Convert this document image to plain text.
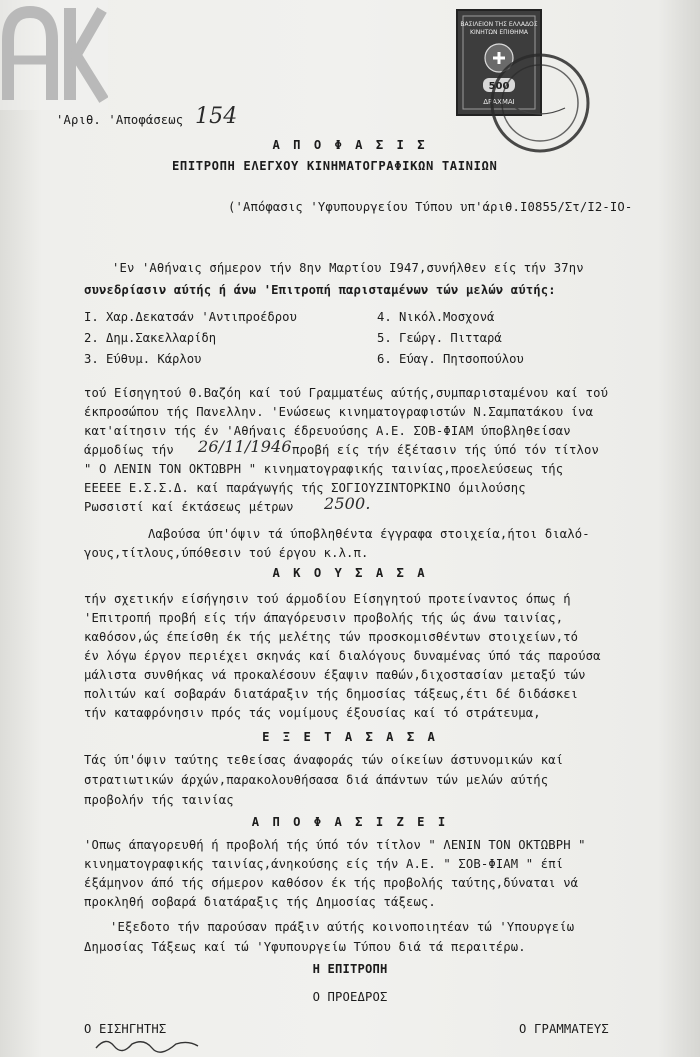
ΒΑΣΙΛΕΙΟΝ ΤΗΣ ΕΛΛΑΔΟΣ
ΚΙΝΗΤΩΝ ΕΠΙΘΗΜΑ
500
ΔΡΑΧΜΑΙ
'Αριθ. 'Αποφάσεως 154
Α Π Ο Φ Α Σ Ι Σ
ΕΠΙΤΡΟΠΗ ΕΛΕΓΧΟΥ ΚΙΝΗΜΑΤΟΓΡΑΦΙΚΩΝ ΤΑΙΝΙΩΝ
('Απόφασις 'Υφυπουργείου Τύπου υπ'άριθ.I0855/Στ/I2-IO-
'Εν 'Αθήναις σήμερον τήν 8ην Μαρτίου I947,συνήλθεν είς τήν 37ην
συνεδρίασιν αύτής ή άνω 'Επιτροπή παρισταμένων τών μελών αύτής:
I. Χαρ.Δεκατσάν 'Αντιπροέδρου
2. Δημ.Σακελλαρίδη
3. Εύθυμ. Κάρλου
4. Νικόλ.Μοσχονά
5. Γεώργ. Πιτταρά
6. Εύαγ. Πητσοπούλου
τού Είσηγητού Θ.Βαζόη καί τού Γραμματέως αύτής,συμπαρισταμένου καί τού
έκπροσώπου τής Πανελλην. 'Ενώσεως κινηματογραφιστών Ν.Σαμπατάκου ίνα
κατ'αίτησιν τής έν 'Αθήναις έδρευούσης Α.Ε. ΣΟΒ-ΦΙΑΜ ύποβληθείσαν
άρμοδίως τήν 26/11/1946 προβή είς τήν έξέτασιν τής ύπό τόν τίτλον
" Ο ΛΕΝΙΝ ΤΟΝ ΟΚΤΩΒΡΗ " κινηματογραφικής ταινίας,προελεύσεως τής
ΕΕΕΕΕ Ε.Σ.Σ.Δ. καί παράγωγής τής ΣΟΓΙΟΥΖΙΝΤΟΡΚΙΝΟ όμιλούσης
Ρωσσιστί καί έκτάσεως μέτρων 2500.
Λαβούσα ύπ'όψιν τά ύποβληθέντα έγγραφα στοιχεία,ήτοι διαλό-
γους,τίτλους,ύπόθεσιν τού έργου κ.λ.π.
Α Κ Ο Υ Σ Α Σ Α
τήν σχετικήν είσήγησιν τού άρμοδίου Είσηγητού προτείναντος όπως ή
'Επιτροπή προβή είς τήν άπαγόρευσιν προβολής τής ώς άνω ταινίας,
καθόσον,ώς έπείσθη έκ τής μελέτης τών προσκομισθέντων στοιχείων,τό
έν λόγω έργον περιέχει σκηνάς καί διαλόγους δυναμένας ύπό τάς παρούσα
μάλιστα συνθήκας νά προκαλέσουν έξαψιν παθών,διχοστασίαν μεταξύ τών
πολιτών καί σοβαράν διατάραξιν τής δημοσίας τάξεως,έτι δέ διδάσκει
τήν καταφρόνησιν πρός τάς νομίμους έξουσίας καί τό στράτευμα,
Ε Ξ Ε Τ Α Σ Α Σ Α
Τάς ύπ'όψιν ταύτης τεθείσας άναφοράς τών οίκείων άστυνομικών καί
στρατιωτικών άρχών,παρακολουθήσασα διά άπάντων τών μελών αύτής
προβολήν τής ταινίας
Α Π Ο Φ Α Σ Ι Ζ Ε Ι
'Οπως άπαγορευθή ή προβολή τής ύπό τόν τίτλον " ΛΕΝΙΝ ΤΟΝ ΟΚΤΩΒΡΗ "
κινηματογραφικής ταινίας,άνηκούσης είς τήν Α.Ε. " ΣΟΒ-ΦΙΑΜ " έπί
έξάμηνον άπό τής σήμερον καθόσον έκ τής προβολής ταύτης,δύναται νά
προκληθή σοβαρά διατάραξις τής Δημοσίας τάξεως.
'Εξεδοτο τήν παρούσαν πράξιν αύτής κοινοποιητέαν τώ 'Υπουργείω
Δημοσίας Τάξεως καί τώ 'Υφυπουργείω Τύπου διά τά περαιτέρω.
Η ΕΠΙΤΡΟΠΗ
Ο ΠΡΟΕΔΡΟΣ
Ο ΕΙΣΗΓΗΤΗΣ	Ο ΓΡΑΜΜΑΤΕΥΣ
